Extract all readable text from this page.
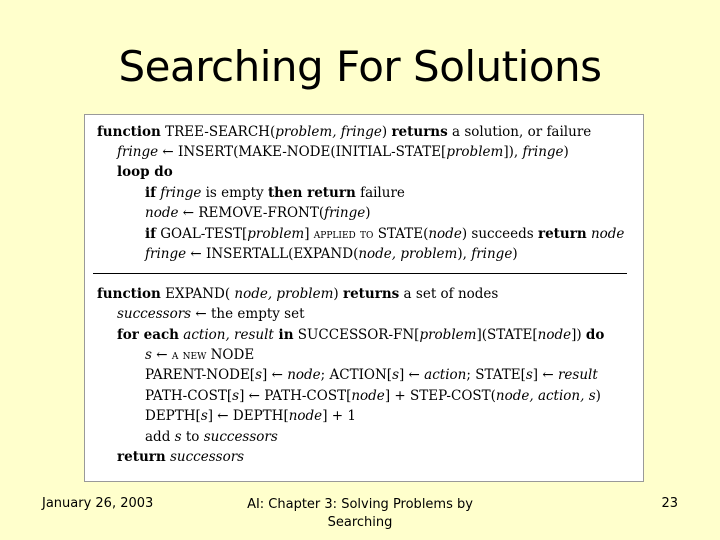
Searching For Solutions
function TREE-SEARCH(problem, fringe) returns a solution, or failure
fringe ← INSERT(MAKE-NODE(INITIAL-STATE[problem]), fringe)
loop do
if fringe is empty then return failure
node ← REMOVE-FRONT(fringe)
if GOAL-TEST[problem] applied to STATE(node) succeeds return node
fringe ← INSERTALL(EXPAND(node, problem), fringe)
function EXPAND( node, problem) returns a set of nodes
successors ← the empty set
for each action, result in SUCCESSOR-FN[problem](STATE[node]) do
s ← a new NODE
PARENT-NODE[s] ← node; ACTION[s] ← action; STATE[s] ← result
PATH-COST[s] ← PATH-COST[node] + STEP-COST(node, action, s)
DEPTH[s] ← DEPTH[node] + 1
add s to successors
return successors
January 26, 2003	AI: Chapter 3: Solving Problems by Searching
23
